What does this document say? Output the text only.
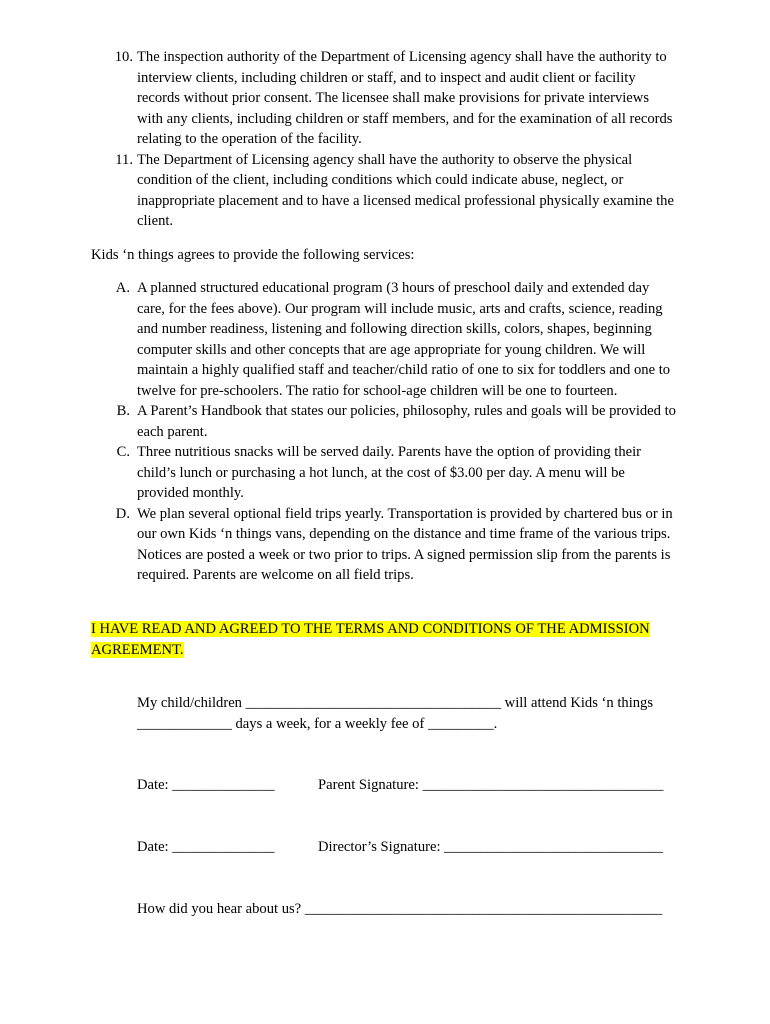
10. The inspection authority of the Department of Licensing agency shall have the authority to interview clients, including children or staff, and to inspect and audit client or facility records without prior consent. The licensee shall make provisions for private interviews with any clients, including children or staff members, and for the examination of all records relating to the operation of the facility.
11. The Department of Licensing agency shall have the authority to observe the physical condition of the client, including conditions which could indicate abuse, neglect, or inappropriate placement and to have a licensed medical professional physically examine the client.
Kids ‘n things agrees to provide the following services:
A. A planned structured educational program (3 hours of preschool daily and extended day care, for the fees above). Our program will include music, arts and crafts, science, reading and number readiness, listening and following direction skills, colors, shapes, beginning computer skills and other concepts that are age appropriate for young children. We will maintain a highly qualified staff and teacher/child ratio of one to six for toddlers and one to twelve for pre-schoolers. The ratio for school-age children will be one to fourteen.
B. A Parent’s Handbook that states our policies, philosophy, rules and goals will be provided to each parent.
C. Three nutritious snacks will be served daily. Parents have the option of providing their child’s lunch or purchasing a hot lunch, at the cost of $3.00 per day. A menu will be provided monthly.
D. We plan several optional field trips yearly. Transportation is provided by chartered bus or in our own Kids ‘n things vans, depending on the distance and time frame of the various trips. Notices are posted a week or two prior to trips. A signed permission slip from the parents is required. Parents are welcome on all field trips.
I HAVE READ AND AGREED TO THE TERMS AND CONDITIONS OF THE ADMISSION AGREEMENT.
My child/children ___________________________________ will attend Kids ‘n things
_____________ days a week, for a weekly fee of _________.
Date: ______________	Parent Signature: _________________________________
Date: ______________	Director’s Signature: ______________________________
How did you hear about us? _________________________________________________
